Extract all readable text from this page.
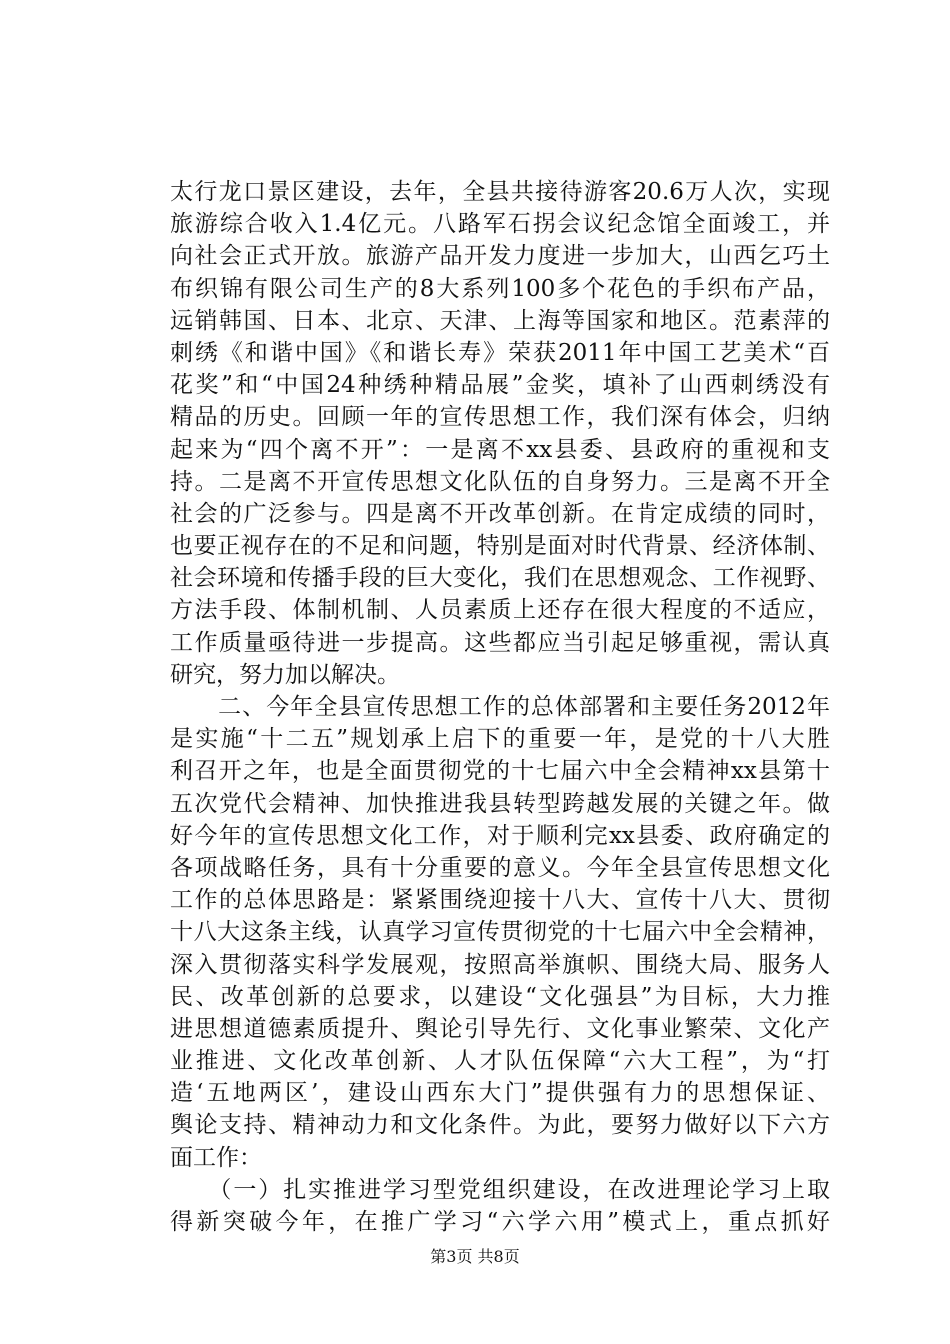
太行龙口景区建设，去年，全县共接待游客20.6万人次，实现
旅游综合收入1.4亿元。八路军石拐会议纪念馆全面竣工，并
向社会正式开放。旅游产品开发力度进一步加大，山西乞巧土
布织锦有限公司生产的8大系列100多个花色的手织布产品，
远销韩国、日本、北京、天津、上海等国家和地区。范素萍的
刺绣《和谐中国》《和谐长寿》荣获2011年中国工艺美术“百
花奖”和“中国24种绣种精品展”金奖，填补了山西刺绣没有
精品的历史。回顾一年的宣传思想工作，我们深有体会，归纳
起来为“四个离不开”：一是离不xx县委、县政府的重视和支
持。二是离不开宣传思想文化队伍的自身努力。三是离不开全
社会的广泛参与。四是离不开改革创新。在肯定成绩的同时，
也要正视存在的不足和问题，特别是面对时代背景、经济体制、
社会环境和传播手段的巨大变化，我们在思想观念、工作视野、
方法手段、体制机制、人员素质上还存在很大程度的不适应，
工作质量亟待进一步提高。这些都应当引起足够重视，需认真
研究，努力加以解决。
　　二、今年全县宣传思想工作的总体部署和主要任务2012年
是实施“十二五”规划承上启下的重要一年，是党的十八大胜
利召开之年，也是全面贯彻党的十七届六中全会精神xx县第十
五次党代会精神、加快推进我县转型跨越发展的关键之年。做
好今年的宣传思想文化工作，对于顺利完xx县委、政府确定的
各项战略任务，具有十分重要的意义。今年全县宣传思想文化
工作的总体思路是：紧紧围绕迎接十八大、宣传十八大、贯彻
十八大这条主线，认真学习宣传贯彻党的十七届六中全会精神，
深入贯彻落实科学发展观，按照高举旗帜、围绕大局、服务人
民、改革创新的总要求，以建设“文化强县”为目标，大力推
进思想道德素质提升、舆论引导先行、文化事业繁荣、文化产
业推进、文化改革创新、人才队伍保障“六大工程”，为“打
造‘五地两区’，建设山西东大门”提供强有力的思想保证、
舆论支持、精神动力和文化条件。为此，要努力做好以下六方
面工作：
　　（一）扎实推进学习型党组织建设，在改进理论学习上取
得新突破今年，在推广学习“六学六用”模式上，重点抓好
第3页 共8页
